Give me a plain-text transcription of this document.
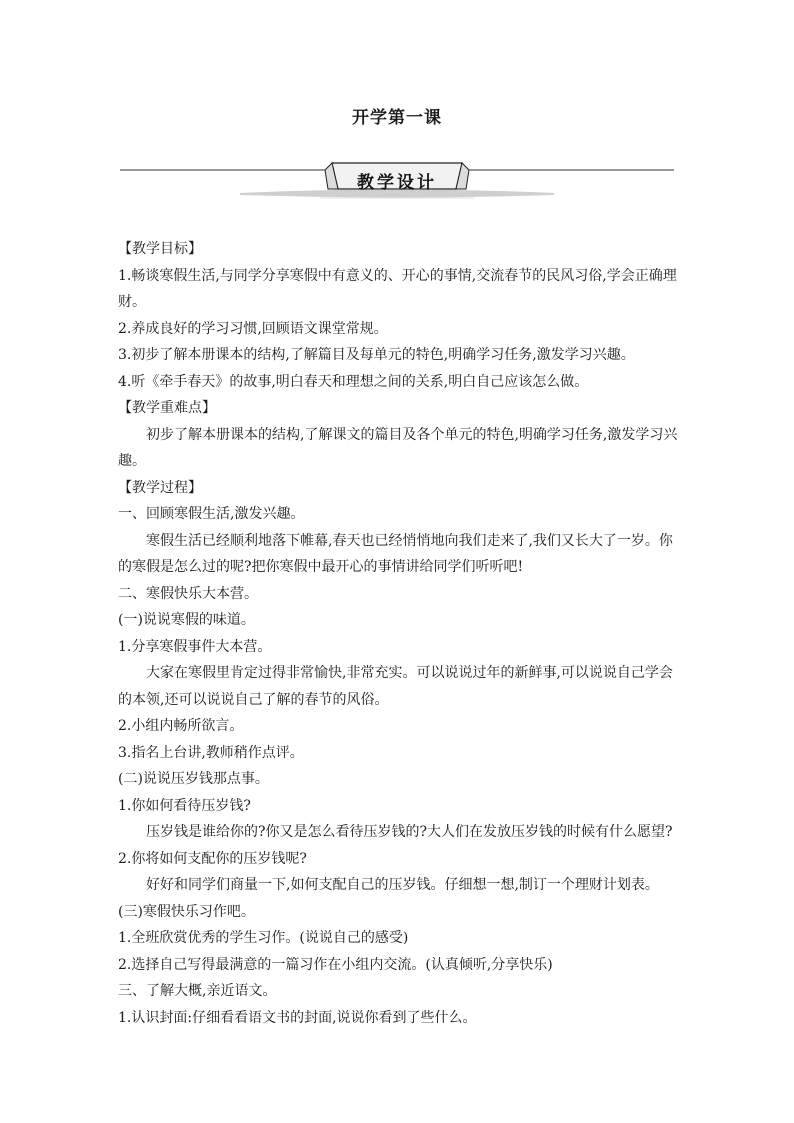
开学第一课
教学设计

【教学目标】

1.畅谈寒假生活,与同学分享寒假中有意义的、开心的事情,交流春节的民风习俗,学会正确理财。

2.养成良好的学习习惯,回顾语文课堂常规。

3.初步了解本册课本的结构,了解篇目及每单元的特色,明确学习任务,激发学习兴趣。

4.听《牵手春天》的故事,明白春天和理想之间的关系,明白自己应该怎么做。

【教学重难点】

初步了解本册课本的结构,了解课文的篇目及各个单元的特色,明确学习任务,激发学习兴趣。

【教学过程】

一、回顾寒假生活,激发兴趣。

寒假生活已经顺利地落下帷幕,春天也已经悄悄地向我们走来了,我们又长大了一岁。你的寒假是怎么过的呢?把你寒假中最开心的事情讲给同学们听听吧!

二、寒假快乐大本营。

(一)说说寒假的味道。

1.分享寒假事件大本营。

大家在寒假里肯定过得非常愉快,非常充实。可以说说过年的新鲜事,可以说说自己学会的本领,还可以说说自己了解的春节的风俗。

2.小组内畅所欲言。

3.指名上台讲,教师稍作点评。

(二)说说压岁钱那点事。

1.你如何看待压岁钱?

压岁钱是谁给你的?你又是怎么看待压岁钱的?大人们在发放压岁钱的时候有什么愿望?

2.你将如何支配你的压岁钱呢?

好好和同学们商量一下,如何支配自己的压岁钱。仔细想一想,制订一个理财计划表。

(三)寒假快乐习作吧。

1.全班欣赏优秀的学生习作。(说说自己的感受)

2.选择自己写得最满意的一篇习作在小组内交流。(认真倾听,分享快乐)

三、了解大概,亲近语文。

1.认识封面:仔细看看语文书的封面,说说你看到了些什么。
